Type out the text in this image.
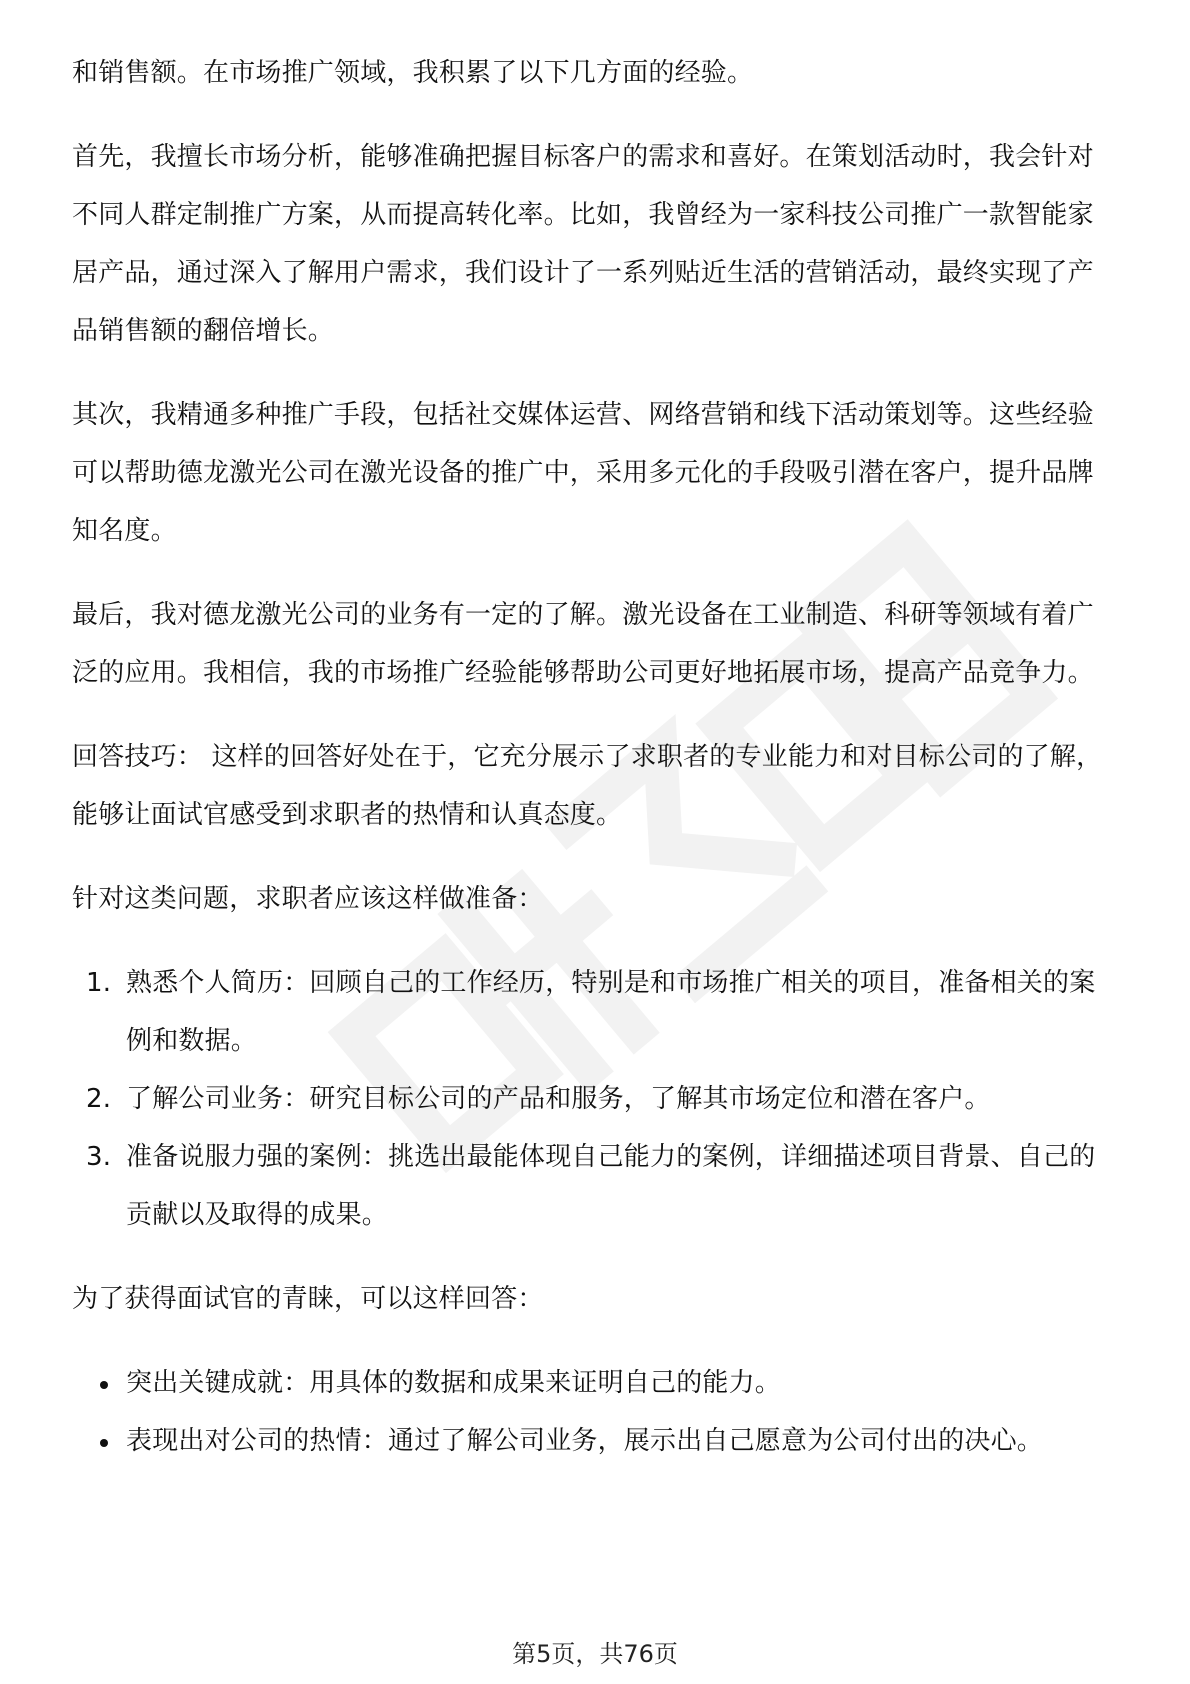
和销售额。在市场推广领域，我积累了以下几方面的经验。

首先，我擅长市场分析，能够准确把握目标客户的需求和喜好。在策划活动时，我会针对不同人群定制推广方案，从而提高转化率。比如，我曾经为一家科技公司推广一款智能家居产品，通过深入了解用户需求，我们设计了一系列贴近生活的营销活动，最终实现了产品销售额的翻倍增长。

其次，我精通多种推广手段，包括社交媒体运营、网络营销和线下活动策划等。这些经验可以帮助德龙激光公司在激光设备的推广中，采用多元化的手段吸引潜在客户，提升品牌知名度。

最后，我对德龙激光公司的业务有一定的了解。激光设备在工业制造、科研等领域有着广泛的应用。我相信，我的市场推广经验能够帮助公司更好地拓展市场，提高产品竞争力。

回答技巧： 这样的回答好处在于，它充分展示了求职者的专业能力和对目标公司的了解，能够让面试官感受到求职者的热情和认真态度。

针对这类问题，求职者应该这样做准备：

1. 熟悉个人简历：回顾自己的工作经历，特别是和市场推广相关的项目，准备相关的案例和数据。
2. 了解公司业务：研究目标公司的产品和服务，了解其市场定位和潜在客户。
3. 准备说服力强的案例：挑选出最能体现自己能力的案例，详细描述项目背景、自己的贡献以及取得的成果。

为了获得面试官的青睐，可以这样回答：

突出关键成就：用具体的数据和成果来证明自己的能力。
表现出对公司的热情：通过了解公司业务，展示出自己愿意为公司付出的决心。
第5页，共76页
